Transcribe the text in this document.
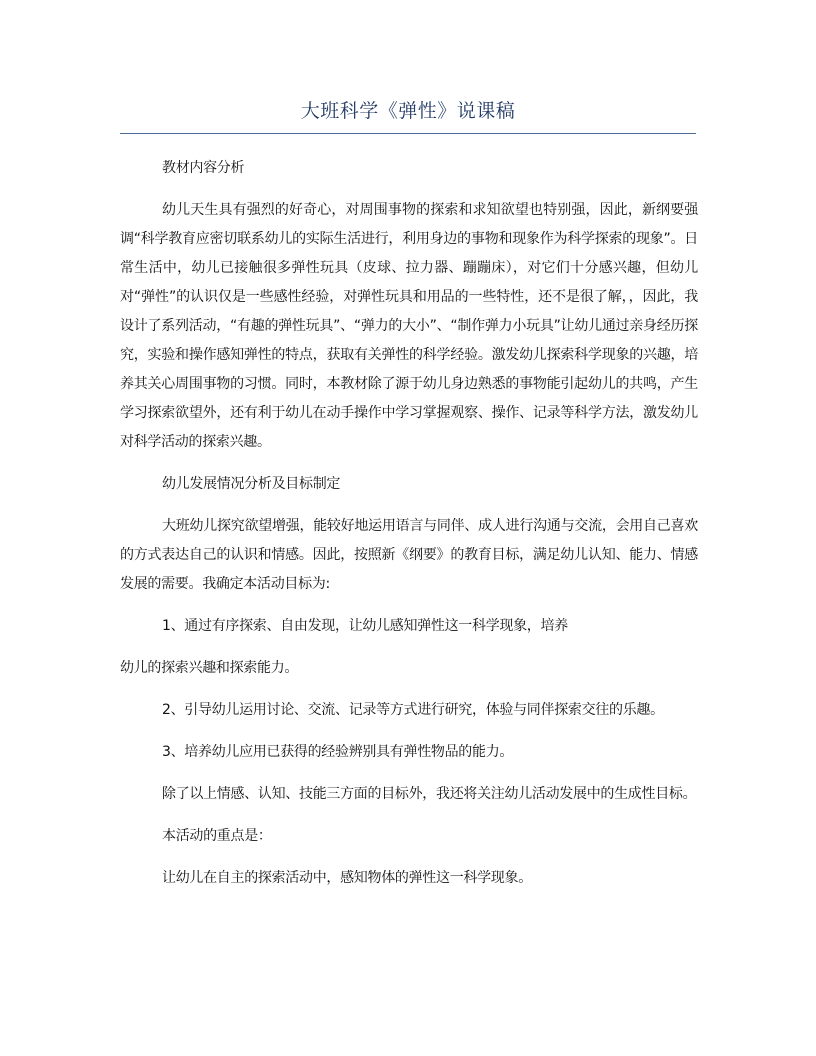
大班科学《弹性》说课稿

教材内容分析

幼儿天生具有强烈的好奇心，对周围事物的探索和求知欲望也特别强，因此，新纲要强调“科学教育应密切联系幼儿的实际生活进行，利用身边的事物和现象作为科学探索的现象”。日常生活中，幼儿已接触很多弹性玩具（皮球、拉力器、蹦蹦床），对它们十分感兴趣，但幼儿对“弹性”的认识仅是一些感性经验，对弹性玩具和用品的一些特性，还不是很了解，，因此，我设计了系列活动，“有趣的弹性玩具”、“弹力的大小”、“制作弹力小玩具”让幼儿通过亲身经历探究，实验和操作感知弹性的特点，获取有关弹性的科学经验。激发幼儿探索科学现象的兴趣，培养其关心周围事物的习惯。同时，本教材除了源于幼儿身边熟悉的事物能引起幼儿的共鸣，产生学习探索欲望外，还有利于幼儿在动手操作中学习掌握观察、操作、记录等科学方法，激发幼儿对科学活动的探索兴趣。

幼儿发展情况分析及目标制定

大班幼儿探究欲望增强，能较好地运用语言与同伴、成人进行沟通与交流，会用自己喜欢的方式表达自己的认识和情感。因此，按照新《纲要》的教育目标，满足幼儿认知、能力、情感发展的需要。我确定本活动目标为:

1、通过有序探索、自由发现，让幼儿感知弹性这一科学现象，培养

幼儿的探索兴趣和探索能力。

2、引导幼儿运用讨论、交流、记录等方式进行研究，体验与同伴探索交往的乐趣。

3、培养幼儿应用已获得的经验辨别具有弹性物品的能力。

除了以上情感、认知、技能三方面的目标外，我还将关注幼儿活动发展中的生成性目标。

本活动的重点是：

让幼儿在自主的探索活动中，感知物体的弹性这一科学现象。
